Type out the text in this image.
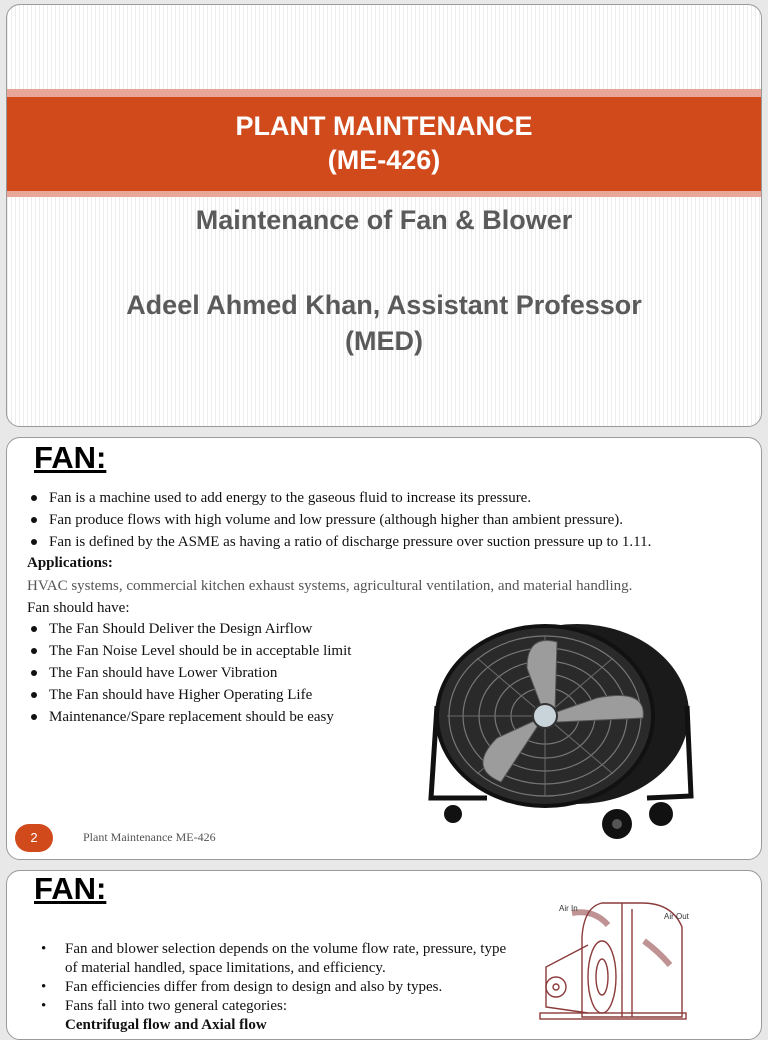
PLANT MAINTENANCE
(ME-426)
Maintenance of Fan & Blower
Adeel Ahmed Khan, Assistant Professor
(MED)
FAN:
Fan is a machine used to add energy to the gaseous fluid to increase its pressure.
Fan produce flows with high volume and low pressure (although higher than ambient pressure).
Fan is defined by the ASME as having a ratio of discharge pressure over suction pressure up to 1.11.
Applications:
HVAC systems, commercial kitchen exhaust systems, agricultural ventilation, and material handling.
Fan should have:
The Fan Should Deliver the Design Airflow
The Fan Noise Level should be in acceptable limit
The Fan should have Lower Vibration
The Fan should have Higher Operating Life
Maintenance/Spare replacement should be easy
2	Plant Maintenance ME-426
FAN:
• Fan and blower selection depends on the volume flow rate, pressure, type of material handled, space limitations, and efficiency.
• Fan efficiencies differ from design to design and also by types.
• Fans fall into two general categories:
Centrifugal flow and Axial flow
Air In
Air Out
